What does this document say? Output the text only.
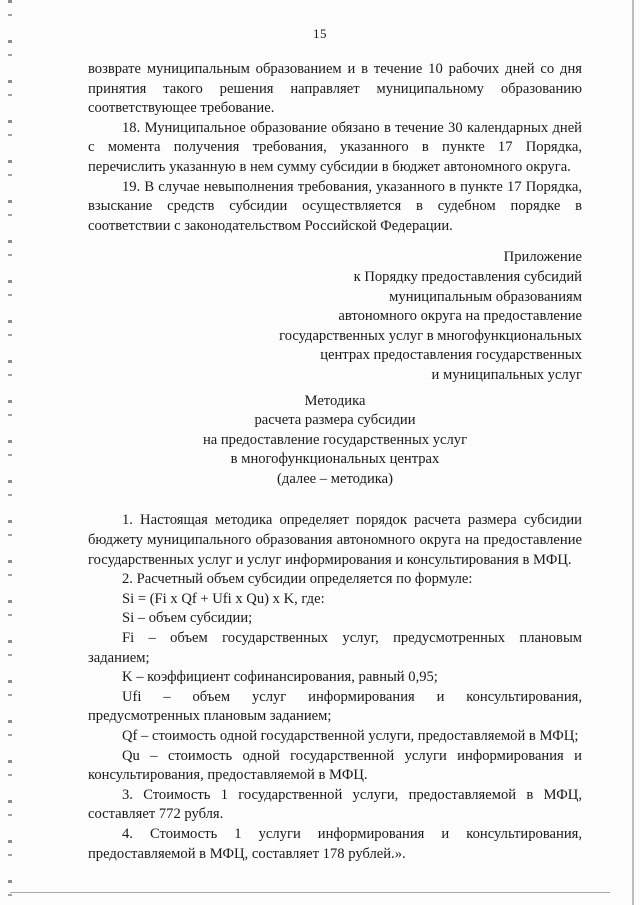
15

возврате муниципальным образованием и в течение 10 рабочих дней со дня принятия такого решения направляет муниципальному образованию соответствующее требование.

18. Муниципальное образование обязано в течение 30 календарных дней с момента получения требования, указанного в пункте 17 Порядка, перечислить указанную в нем сумму субсидии в бюджет автономного округа.

19. В случае невыполнения требования, указанного в пункте 17 Порядка, взыскание средств субсидии осуществляется в судебном порядке в соответствии с законодательством Российской Федерации.

Приложение

к Порядку предоставления субсидий

муниципальным образованиям

автономного округа на предоставление

государственных услуг в многофункциональных

центрах предоставления государственных

и муниципальных услуг

Методика

расчета размера субсидии

на предоставление государственных услуг

в многофункциональных центрах

(далее – методика)

1. Настоящая методика определяет порядок расчета размера субсидии бюджету муниципального образования автономного округа на предоставление государственных услуг и услуг информирования и консультирования в МФЦ.

2. Расчетный объем субсидии определяется по формуле:

Si = (Fi x Qf + Ufi x Qu) x K, где:

Si – объем субсидии;

Fi – объем государственных услуг, предусмотренных плановым заданием;

K – коэффициент софинансирования, равный 0,95;

Ufi – объем услуг информирования и консультирования, предусмотренных плановым заданием;

Qf – стоимость одной государственной услуги, предоставляемой в МФЦ;

Qu – стоимость одной государственной услуги информирования и консультирования, предоставляемой в МФЦ.

3. Стоимость 1 государственной услуги, предоставляемой в МФЦ, составляет 772 рубля.

4. Стоимость 1 услуги информирования и консультирования, предоставляемой в МФЦ, составляет 178 рублей.».
